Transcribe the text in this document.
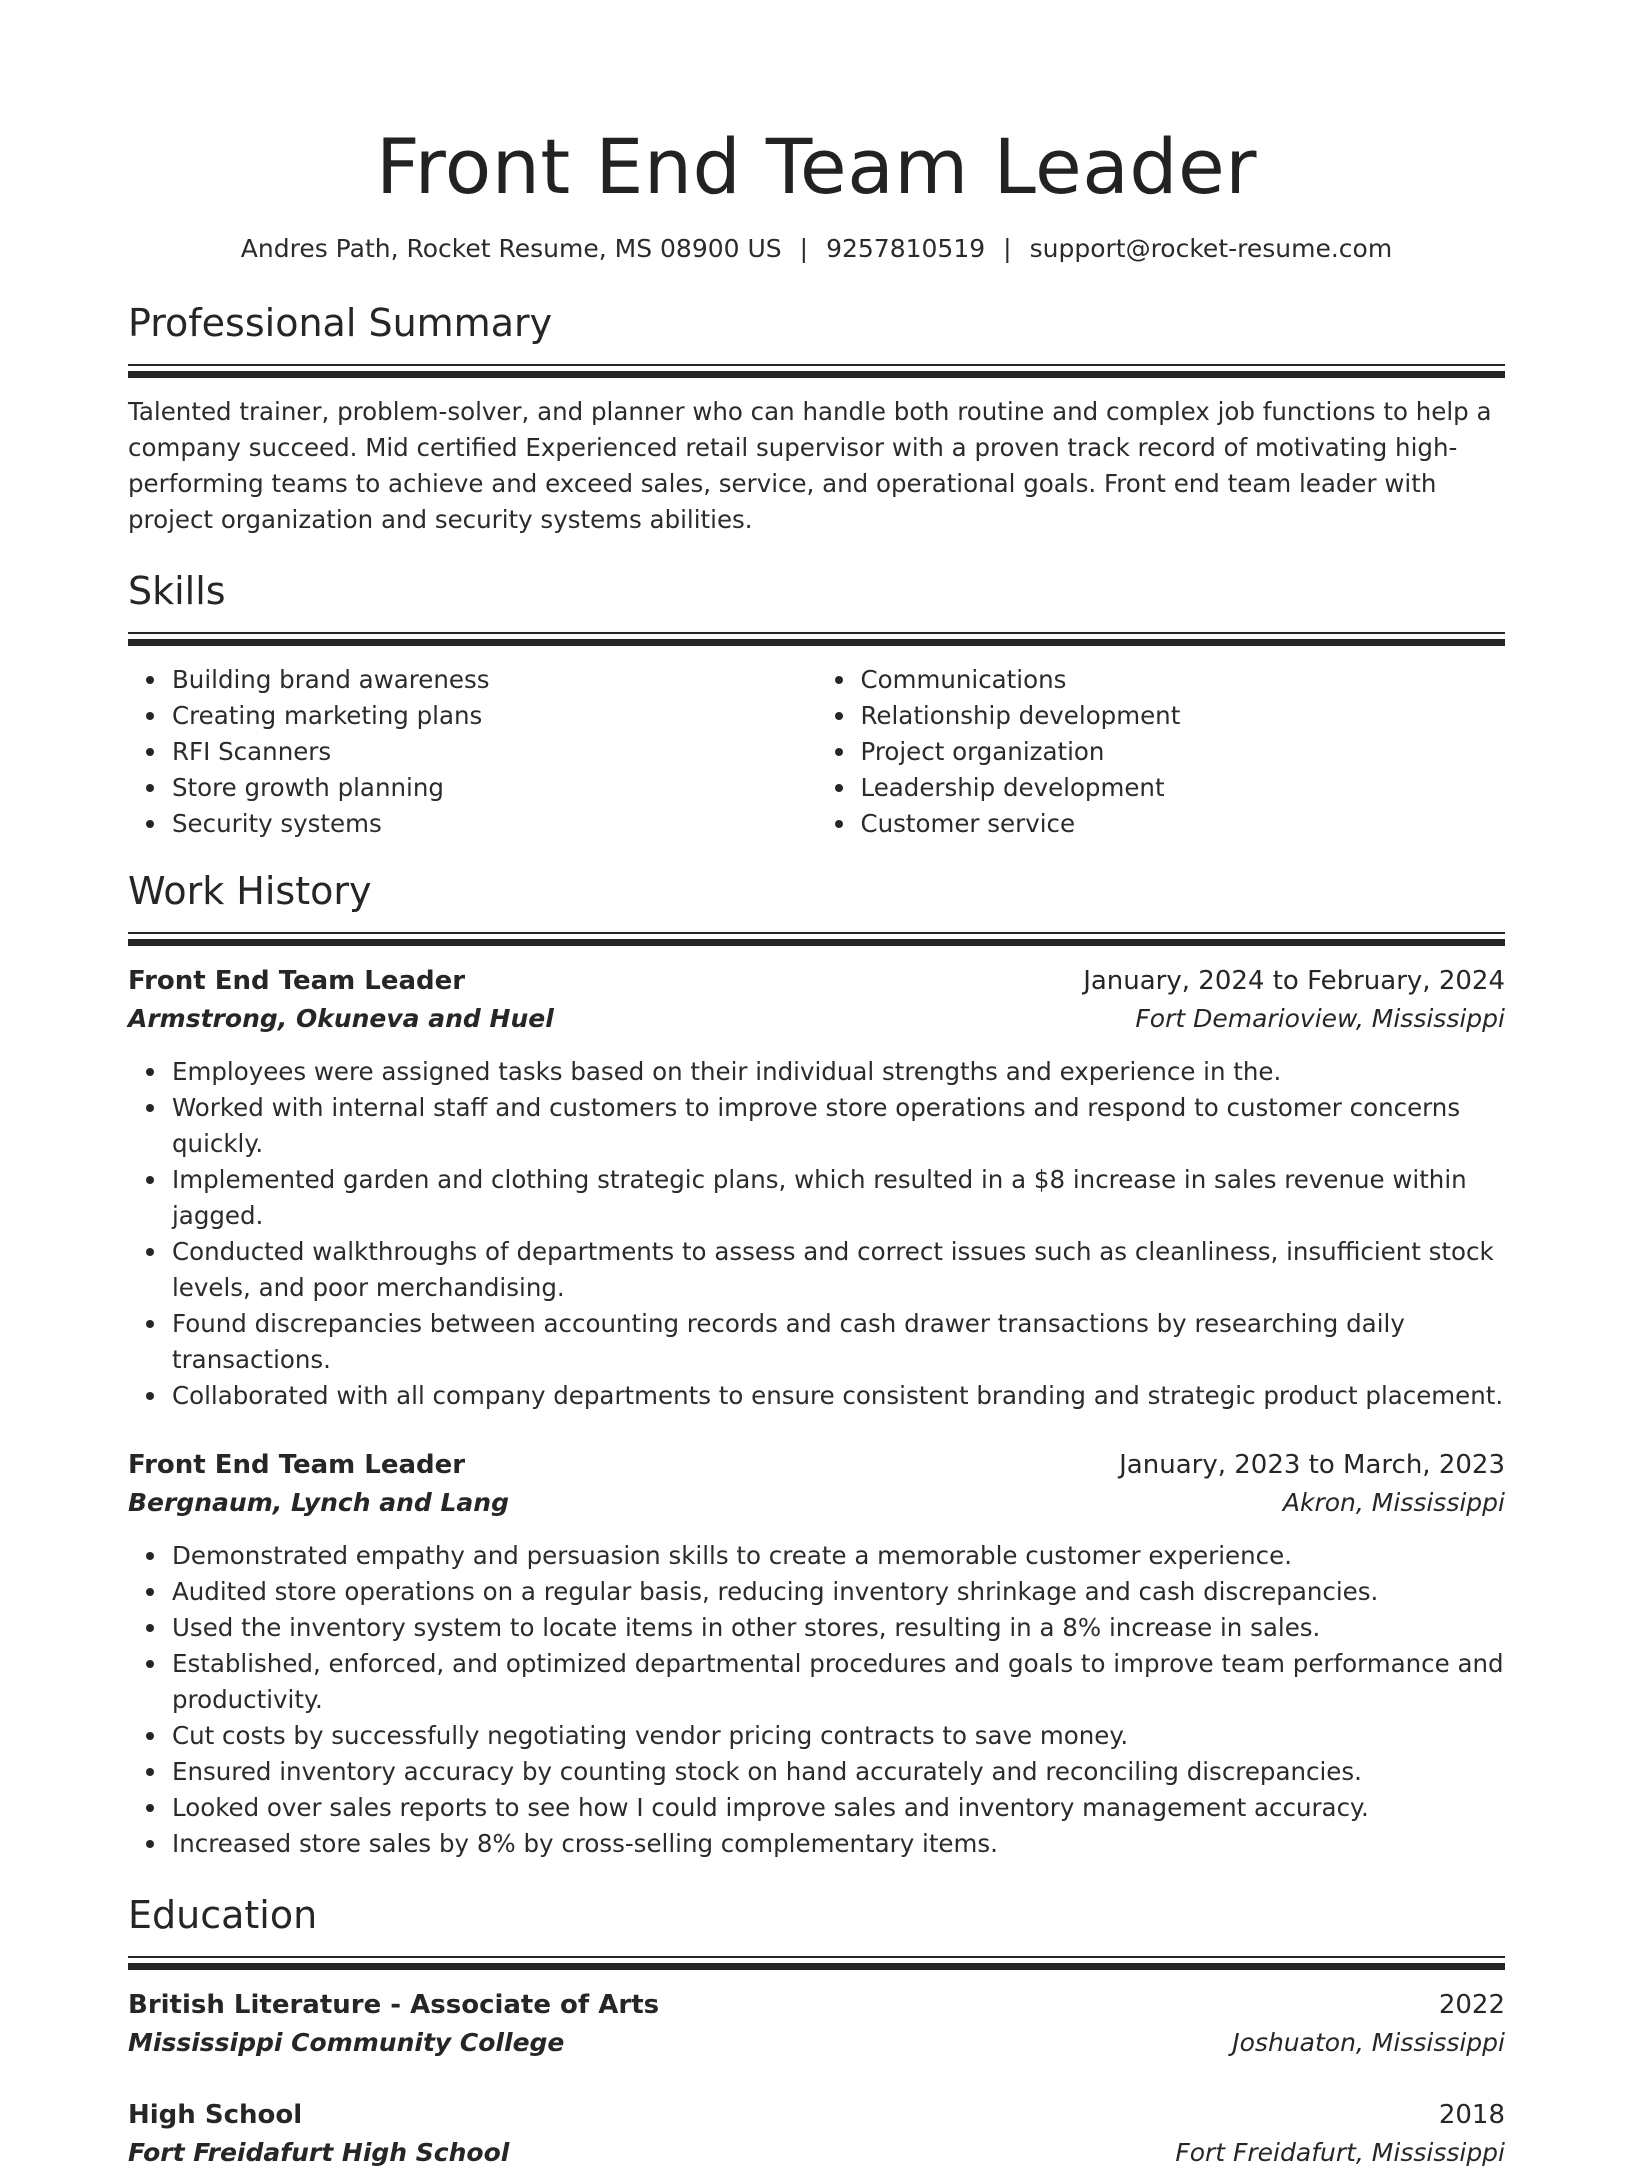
Front End Team Leader
Andres Path, Rocket Resume, MS 08900 US | 9257810519 | support@rocket-resume.com
Professional Summary

Talented trainer, problem-solver, and planner who can handle both routine and complex job functions to help a company succeed. Mid certified Experienced retail supervisor with a proven track record of motivating high-performing teams to achieve and exceed sales, service, and operational goals. Front end team leader with project organization and security systems abilities.

Skills
Building brand awareness
Creating marketing plans
RFI Scanners
Store growth planning
Security systems
Communications
Relationship development
Project organization
Leadership development
Customer service
Work History
Front End Team Leader	January, 2024 to February, 2024
Armstrong, Okuneva and Huel	Fort Demarioview, Mississippi
Employees were assigned tasks based on their individual strengths and experience in the.
Worked with internal staff and customers to improve store operations and respond to customer concerns quickly.
Implemented garden and clothing strategic plans, which resulted in a $8 increase in sales revenue within jagged.
Conducted walkthroughs of departments to assess and correct issues such as cleanliness, insufficient stock levels, and poor merchandising.
Found discrepancies between accounting records and cash drawer transactions by researching daily transactions.
Collaborated with all company departments to ensure consistent branding and strategic product placement.
Front End Team Leader	January, 2023 to March, 2023
Bergnaum, Lynch and Lang	Akron, Mississippi
Demonstrated empathy and persuasion skills to create a memorable customer experience.
Audited store operations on a regular basis, reducing inventory shrinkage and cash discrepancies.
Used the inventory system to locate items in other stores, resulting in a 8% increase in sales.
Established, enforced, and optimized departmental procedures and goals to improve team performance and productivity.
Cut costs by successfully negotiating vendor pricing contracts to save money.
Ensured inventory accuracy by counting stock on hand accurately and reconciling discrepancies.
Looked over sales reports to see how I could improve sales and inventory management accuracy.
Increased store sales by 8% by cross-selling complementary items.
Education
British Literature - Associate of Arts	2022
Mississippi Community College	Joshuaton, Mississippi
High School	2018
Fort Freidafurt High School	Fort Freidafurt, Mississippi
